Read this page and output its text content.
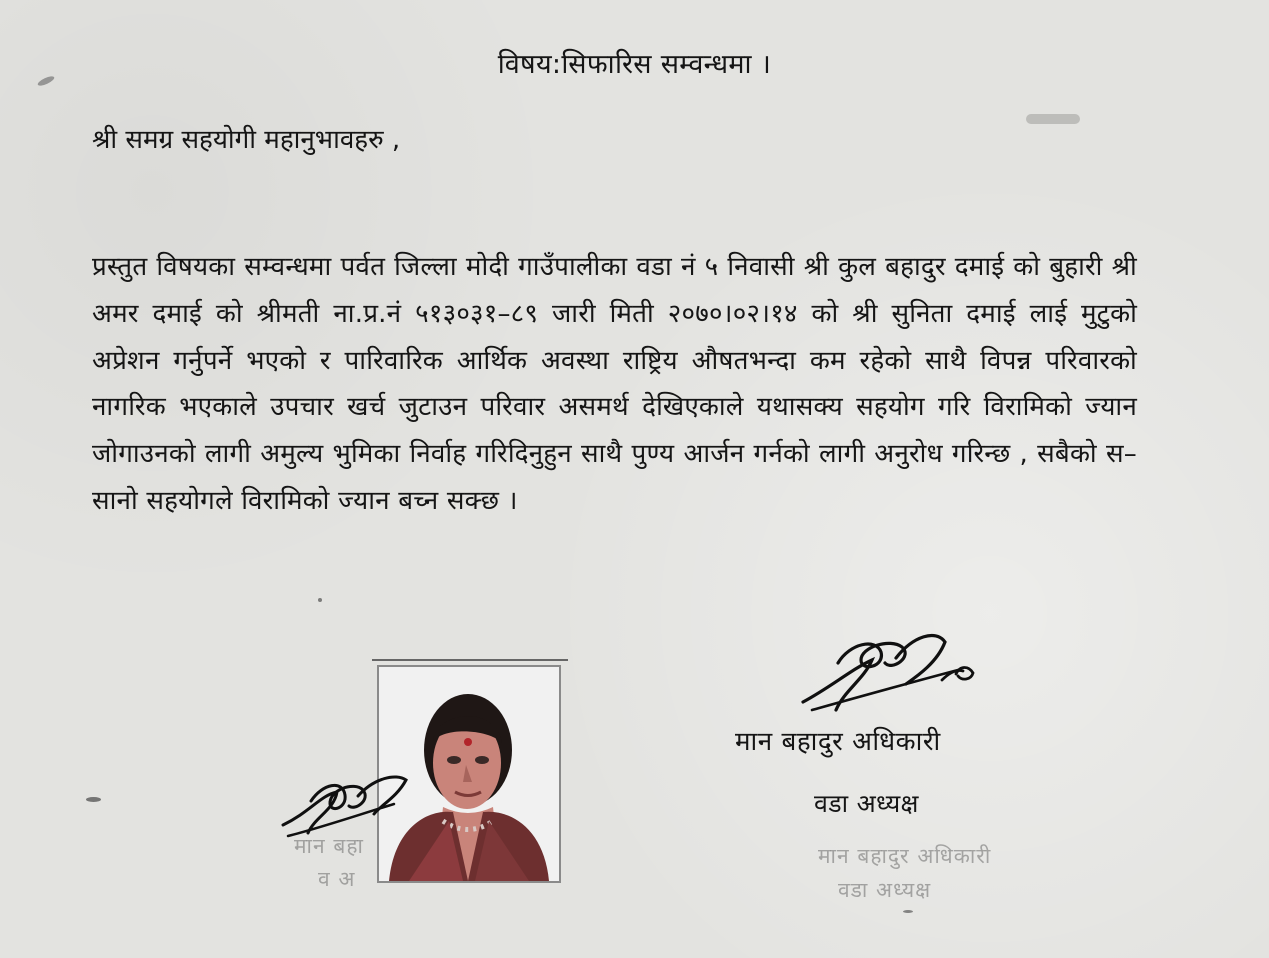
विषय:सिफारिस सम्वन्धमा ।
श्री समग्र सहयोगी महानुभावहरु ,
प्रस्तुत विषयका सम्वन्धमा पर्वत जिल्ला मोदी गाउँपालीका वडा नं ५ निवासी श्री कुल बहादुर दमाई को बुहारी श्री अमर दमाई को श्रीमती ना.प्र.नं ५१३०३१–८९ जारी मिती २०७०।०२।१४ को श्री सुनिता दमाई लाई मुटुको अप्रेशन गर्नुपर्ने भएको र पारिवारिक आर्थिक अवस्था राष्ट्रिय औषतभन्दा कम रहेको साथै विपन्न परिवारको नागरिक भएकाले उपचार खर्च जुटाउन परिवार असमर्थ देखिएकाले यथासक्य सहयोग गरि विरामिको ज्यान जोगाउनको लागी अमुल्य भुमिका निर्वाह गरिदिनुहुन साथै पुण्य आर्जन गर्नको लागी अनुरोध गरिन्छ , सबैको स–सानो सहयोगले विरामिको ज्यान बच्न सक्छ ।
मान बहा
व अ
मान बहादुर अधिकारी
वडा अध्यक्ष
मान बहादुर अधिकारी
वडा अध्यक्ष
